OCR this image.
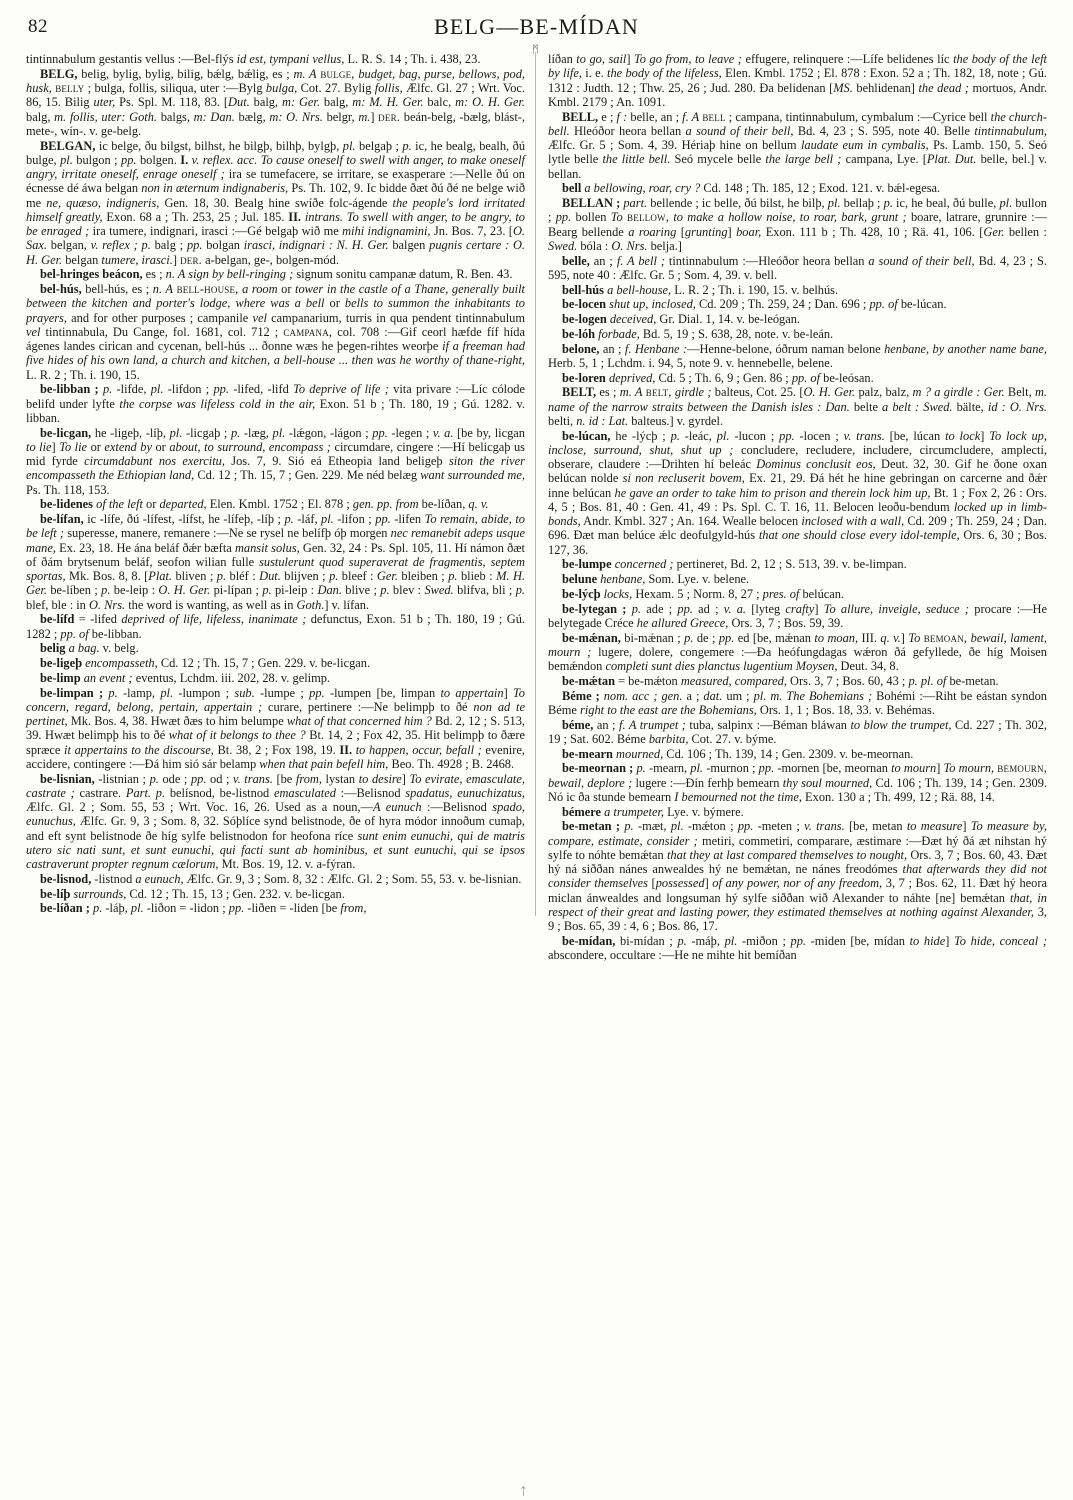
82	BELG—BE-MÍDAN
ᛗ
ᛏ

tintinnabulum gestantis vellus :—Bel-flýs id est, tympani vellus, L. R. S. 14 ; Th. i. 438, 23.

BELG, belig, bylig, bylig, bilig, bǽlg, bǽlig, es ; m. A bulge, budget, bag, purse, bellows, pod, husk, belly ; bulga, follis, siliqua, uter :—Bylg bulga, Cot. 27. Bylig follis, Ælfc. Gl. 27 ; Wrt. Voc. 86, 15. Bilig uter, Ps. Spl. M. 118, 83. [Dut. balg, m: Ger. balg, m: M. H. Ger. balc, m: O. H. Ger. balg, m. follis, uter: Goth. balgs, m: Dan. bælg, m: O. Nrs. belgr, m.] der. beán-belg, -bælg, blást-, mete-, wín-. v. ge-belg.

BELGAN, ic belge, ðu bilgst, bilhst, he bilgþ, bilhþ, bylgþ, pl. belgaþ ; p. ic, he bealg, bealh, ðú bulge, pl. bulgon ; pp. bolgen. I. v. reflex. acc. To cause oneself to swell with anger, to make oneself angry, irritate oneself, enrage oneself ; ira se tumefacere, se irritare, se exasperare :—Nelle ðú on écnesse dé áwa belgan non in æternum indignaberis, Ps. Th. 102, 9. Ic bidde ðæt ðú ðé ne belge wið me ne, quæso, indigneris, Gen. 18, 30. Bealg hine swíðe folc-ágende the people's lord irritated himself greatly, Exon. 68 a ; Th. 253, 25 ; Jul. 185. II. intrans. To swell with anger, to be angry, to be enraged ; ira tumere, indignari, irasci :—Gé belgaþ wið me mihi indignamini, Jn. Bos. 7, 23. [O. Sax. belgan, v. reflex ; p. balg ; pp. bolgan irasci, indignari : N. H. Ger. balgen pugnis certare : O. H. Ger. belgan tumere, irasci.] der. a-belgan, ge-, bolgen-mód.

bel-hringes beácon, es ; n. A sign by bell-ringing ; signum sonitu campanæ datum, R. Ben. 43.

bel-hús, bell-hús, es ; n. A bell-house, a room or tower in the castle of a Thane, generally built between the kitchen and porter's lodge, where was a bell or bells to summon the inhabitants to prayers, and for other purposes ; campanile vel campanarium, turris in qua pendent tintinnabulum vel tintinnabula, Du Cange, fol. 1681, col. 712 ; campana, col. 708 :—Gif ceorl hæfde fíf hída ágenes landes cirican and cycenan, bell-hús ... ðonne wæs he þegen-rihtes weorþe if a freeman had five hides of his own land, a church and kitchen, a bell-house ... then was he worthy of thane-right, L. R. 2 ; Th. i. 190, 15.

be-libban ; p. -lifde, pl. -lifdon ; pp. -lifed, -lifd To deprive of life ; vita privare :—Líc cólode belifd under lyfte the corpse was lifeless cold in the air, Exon. 51 b ; Th. 180, 19 ; Gú. 1282. v. libban.

be-licgan, he -ligeþ, -líþ, pl. -licgaþ ; p. -læg, pl. -lǽgon, -lágon ; pp. -legen ; v. a. [be by, licgan to lie] To lie or extend by or about, to surround, encompass ; circumdare, cingere :—Hí belicgaþ us mid fyrde circumdabunt nos exercitu, Jos. 7, 9. Sió eá Etheopia land beligeþ siton the river encompasseth the Ethiopian land, Cd. 12 ; Th. 15, 7 ; Gen. 229. Me néd belæg want surrounded me, Ps. Th. 118, 153.

be-lidenes of the left or departed, Elen. Kmbl. 1752 ; El. 878 ; gen. pp. from be-líðan, q. v.

be-lífan, ic -lífe, ðú -lífest, -lífst, he -lífeþ, -líþ ; p. -láf, pl. -lifon ; pp. -lifen To remain, abide, to be left ; superesse, manere, remanere :—Ne se rysel ne belífþ óþ morgen nec remanebit adeps usque mane, Ex. 23, 18. He ána beláf ðǽr bæfta mansit solus, Gen. 32, 24 : Ps. Spl. 105, 11. Hí námon ðæt of ðám brytsenum beláf, seofon wilian fulle sustulerunt quod superaverat de fragmentis, septem sportas, Mk. Bos. 8, 8. [Plat. bliven ; p. bléf : Dut. blijven ; p. bleef : Ger. bleiben ; p. blieb : M. H. Ger. be-líben ; p. be-leip : O. H. Ger. pi-lípan ; p. pi-leip : Dan. blive ; p. blev : Swed. blifva, bli ; p. blef, ble : in O. Nrs. the word is wanting, as well as in Goth.] v. lífan.

be-lífd = -lifed deprived of life, lifeless, inanimate ; defunctus, Exon. 51 b ; Th. 180, 19 ; Gú. 1282 ; pp. of be-libban.

belig a bag. v. belg.

be-ligeþ encompasseth, Cd. 12 ; Th. 15, 7 ; Gen. 229. v. be-licgan.

be-limp an event ; eventus, Lchdm. iii. 202, 28. v. gelimp.

be-limpan ; p. -lamp, pl. -lumpon ; sub. -lumpe ; pp. -lumpen [be, limpan to appertain] To concern, regard, belong, pertain, appertain ; curare, pertinere :—Ne belimpþ to ðé non ad te pertinet, Mk. Bos. 4, 38. Hwæt ðæs to him belumpe what of that concerned him ? Bd. 2, 12 ; S. 513, 39. Hwæt belimpþ his to ðé what of it belongs to thee ? Bt. 14, 2 ; Fox 42, 35. Hit belimpþ to ðære spræce it appertains to the discourse, Bt. 38, 2 ; Fox 198, 19. II. to happen, occur, befall ; evenire, accidere, contingere :—Ðá him sió sár belamp when that pain befell him, Beo. Th. 4928 ; B. 2468.

be-lisnian, -listnian ; p. ode ; pp. od ; v. trans. [be from, lystan to desire] To evirate, emasculate, castrate ; castrare. Part. p. belísnod, be-listnod emasculated :—Belisnod spadatus, eunuchizatus, Ælfc. Gl. 2 ; Som. 55, 53 ; Wrt. Voc. 16, 26. Used as a noun,—A eunuch :—Belisnod spado, eunuchus, Ælfc. Gr. 9, 3 ; Som. 8, 32. Sóþlíce synd belistnode, ðe of hyra módor innoðum cumaþ, and eft synt belistnode ðe híg sylfe belistnodon for heofona ríce sunt enim eunuchi, qui de matris utero sic nati sunt, et sunt eunuchi, qui facti sunt ab hominibus, et sunt eunuchi, qui se ipsos castraverunt propter regnum cælorum, Mt. Bos. 19, 12. v. a-fýran.

be-lisnod, -listnod a eunuch, Ælfc. Gr. 9, 3 ; Som. 8, 32 : Ælfc. Gl. 2 ; Som. 55, 53. v. be-lisnian.

be-líþ surrounds, Cd. 12 ; Th. 15, 13 ; Gen. 232. v. be-licgan.

be-líðan ; p. -láþ, pl. -liðon = -lidon ; pp. -liðen = -liden [be from,

líðan to go, sail] To go from, to leave ; effugere, relinquere :—Lífe belidenes líc the body of the left by life, i. e. the body of the lifeless, Elen. Kmbl. 1752 ; El. 878 : Exon. 52 a ; Th. 182, 18, note ; Gú. 1312 : Judth. 12 ; Thw. 25, 26 ; Jud. 280. Ða belidenan [MS. behlidenan] the dead ; mortuos, Andr. Kmbl. 2179 ; An. 1091.

BELL, e ; f : belle, an ; f. A bell ; campana, tintinnabulum, cymbalum :—Cyrice bell the church-bell. Hleóðor heora bellan a sound of their bell, Bd. 4, 23 ; S. 595, note 40. Belle tintinnabulum, Ælfc. Gr. 5 ; Som. 4, 39. Hériaþ hine on bellum laudate eum in cymbalis, Ps. Lamb. 150, 5. Seó lytle belle the little bell. Seó mycele belle the large bell ; campana, Lye. [Plat. Dut. belle, bel.] v. bellan.

bell a bellowing, roar, cry ? Cd. 148 ; Th. 185, 12 ; Exod. 121. v. bǽl-egesa.

BELLAN ; part. bellende ; ic belle, ðú bilst, he bilþ, pl. bellaþ ; p. ic, he beal, ðú bulle, pl. bullon ; pp. bollen To bellow, to make a hollow noise, to roar, bark, grunt ; boare, latrare, grunnire :—Bearg bellende a roaring [grunting] boar, Exon. 111 b ; Th. 428, 10 ; Rä. 41, 106. [Ger. bellen : Swed. bóla : O. Nrs. belja.]

belle, an ; f. A bell ; tintinnabulum :—Hleóðor heora bellan a sound of their bell, Bd. 4, 23 ; S. 595, note 40 : Ælfc. Gr. 5 ; Som. 4, 39. v. bell.

bell-hús a bell-house, L. R. 2 ; Th. i. 190, 15. v. belhús.

be-locen shut up, inclosed, Cd. 209 ; Th. 259, 24 ; Dan. 696 ; pp. of be-lúcan.

be-logen deceived, Gr. Dial. 1, 14. v. be-leógan.

be-lóh forbade, Bd. 5, 19 ; S. 638, 28, note. v. be-leán.

belone, an ; f. Henbane :—Henne-belone, óðrum naman belone henbane, by another name bane, Herb. 5, 1 ; Lchdm. i. 94, 5, note 9. v. hennebelle, belene.

be-loren deprived, Cd. 5 ; Th. 6, 9 ; Gen. 86 ; pp. of be-leósan.

BELT, es ; m. A belt, girdle ; balteus, Cot. 25. [O. H. Ger. palz, balz, m ? a girdle : Ger. Belt, m. name of the narrow straits between the Danish isles : Dan. belte a belt : Swed. bälte, id : O. Nrs. belti, n. id : Lat. balteus.] v. gyrdel.

be-lúcan, he -lýcþ ; p. -leác, pl. -lucon ; pp. -locen ; v. trans. [be, lúcan to lock] To lock up, inclose, surround, shut, shut up ; concludere, recludere, includere, circumcludere, amplecti, obserare, claudere :—Drihten hí beleác Dominus conclusit eos, Deut. 32, 30. Gif he ðone oxan belúcan nolde si non recluserit bovem, Ex. 21, 29. Ðá hét he hine gebringan on carcerne and ðǽr inne belúcan he gave an order to take him to prison and therein lock him up, Bt. 1 ; Fox 2, 26 : Ors. 4, 5 ; Bos. 81, 40 : Gen. 41, 49 : Ps. Spl. C. T. 16, 11. Belocen leoðu-bendum locked up in limb-bonds, Andr. Kmbl. 327 ; An. 164. Wealle belocen inclosed with a wall, Cd. 209 ; Th. 259, 24 ; Dan. 696. Ðæt man belúce ǽlc deofulgyld-hús that one should close every idol-temple, Ors. 6, 30 ; Bos. 127, 36.

be-lumpe concerned ; pertineret, Bd. 2, 12 ; S. 513, 39. v. be-limpan.

belune henbane, Som. Lye. v. belene.

be-lýcþ locks, Hexam. 5 ; Norm. 8, 27 ; pres. of belúcan.

be-lytegan ; p. ade ; pp. ad ; v. a. [lyteg crafty] To allure, inveigle, seduce ; procare :—He belytegade Créce he allured Greece, Ors. 3, 7 ; Bos. 59, 39.

be-mǽnan, bi-mǽnan ; p. de ; pp. ed [be, mǽnan to moan, III. q. v.] To bemoan, bewail, lament, mourn ; lugere, dolere, congemere :—Ða heófungdagas wǽron ðá gefyllede, ðe híg Moisen bemǽndon completi sunt dies planctus lugentium Moysen, Deut. 34, 8.

be-mǽtan = be-mǽton measured, compared, Ors. 3, 7 ; Bos. 60, 43 ; p. pl. of be-metan.

Béme ; nom. acc ; gen. a ; dat. um ; pl. m. The Bohemians ; Bohémi :—Riht be eástan syndon Béme right to the east are the Bohemians, Ors. 1, 1 ; Bos. 18, 33. v. Behémas.

béme, an ; f. A trumpet ; tuba, salpinx :—Béman bláwan to blow the trumpet, Cd. 227 ; Th. 302, 19 ; Sat. 602. Béme barbita, Cot. 27. v. býme.

be-mearn mourned, Cd. 106 ; Th. 139, 14 ; Gen. 2309. v. be-meornan.

be-meornan ; p. -mearn, pl. -murnon ; pp. -mornen [be, meornan to mourn] To mourn, bemourn, bewail, deplore ; lugere :—Ðín ferhþ bemearn thy soul mourned, Cd. 106 ; Th. 139, 14 ; Gen. 2309. Nó ic ða stunde bemearn I bemourned not the time, Exon. 130 a ; Th. 499, 12 ; Rä. 88, 14.

bémere a trumpeter, Lye. v. býmere.

be-metan ; p. -mæt, pl. -mǽton ; pp. -meten ; v. trans. [be, metan to measure] To measure by, compare, estimate, consider ; metiri, commetiri, comparare, æstimare :—Ðæt hý ðá æt nihstan hý sylfe to nóhte bemǽtan that they at last compared themselves to nought, Ors. 3, 7 ; Bos. 60, 43. Ðæt hý ná siððan nánes anwealdes hý ne bemǽtan, ne nánes freodómes that afterwards they did not consider themselves [possessed] of any power, nor of any freedom, 3, 7 ; Bos. 62, 11. Ðæt hý heora miclan ánwealdes and longsuman hý sylfe siððan wið Alexander to náhte [ne] bemǽtan that, in respect of their great and lasting power, they estimated themselves at nothing against Alexander, 3, 9 ; Bos. 65, 39 : 4, 6 ; Bos. 86, 17.

be-mídan, bi-mídan ; p. -máþ, pl. -miðon ; pp. -miden [be, mídan to hide] To hide, conceal ; abscondere, occultare :—He ne mihte hit bemíðan
